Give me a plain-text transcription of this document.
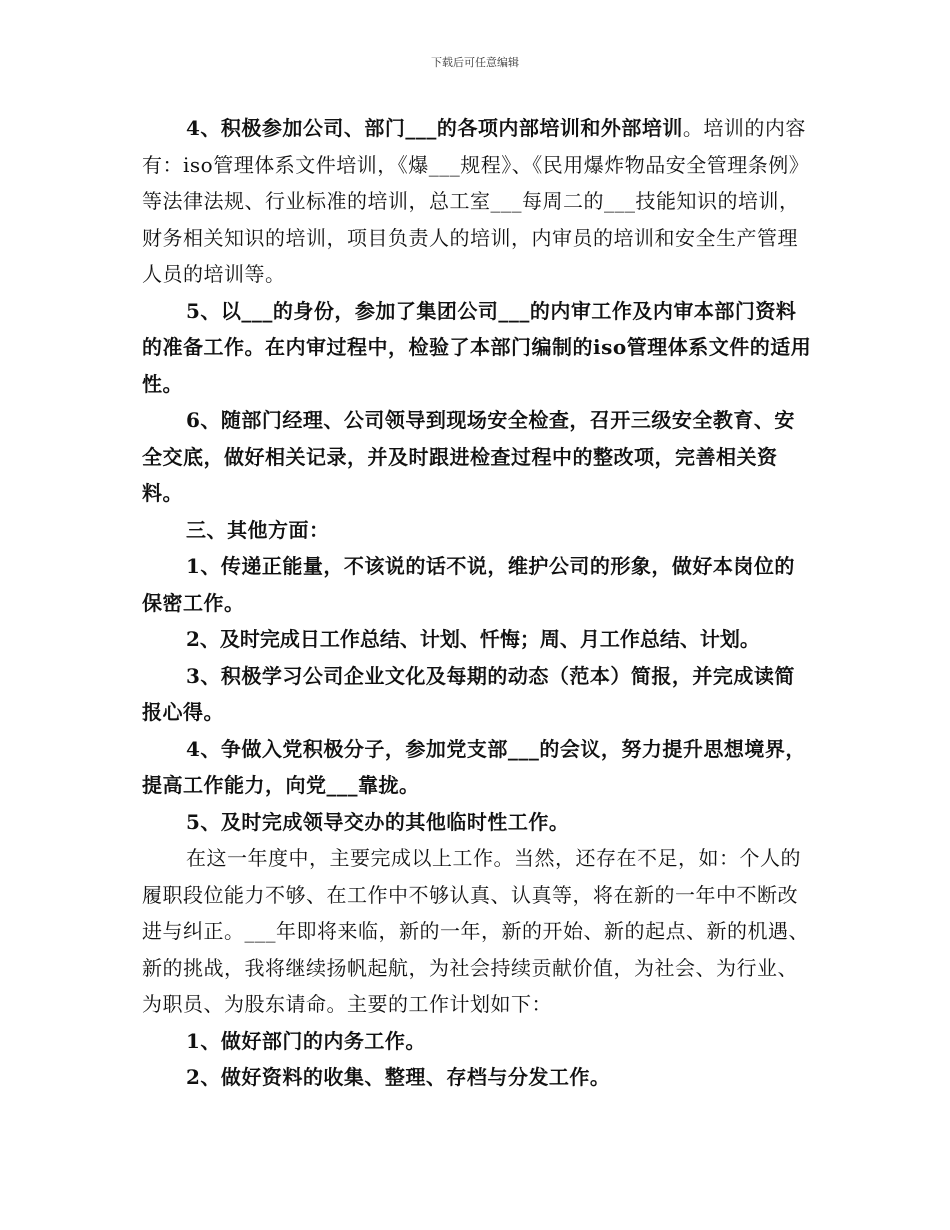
下载后可任意编辑

4、积极参加公司、部门___的各项内部培训和外部培训。培训的内容有：iso管理体系文件培训，《爆___规程》、《民用爆炸物品安全管理条例》等法律法规、行业标准的培训，总工室___每周二的___技能知识的培训，财务相关知识的培训，项目负责人的培训，内审员的培训和安全生产管理人员的培训等。

5、以___的身份，参加了集团公司___的内审工作及内审本部门资料的准备工作。在内审过程中，检验了本部门编制的iso管理体系文件的适用性。

6、随部门经理、公司领导到现场安全检查，召开三级安全教育、安全交底，做好相关记录，并及时跟进检查过程中的整改项，完善相关资料。

三、其他方面：

1、传递正能量，不该说的话不说，维护公司的形象，做好本岗位的保密工作。

2、及时完成日工作总结、计划、忏悔；周、月工作总结、计划。

3、积极学习公司企业文化及每期的动态（范本）简报，并完成读简报心得。

4、争做入党积极分子，参加党支部___的会议，努力提升思想境界，提高工作能力，向党___靠拢。

5、及时完成领导交办的其他临时性工作。

在这一年度中，主要完成以上工作。当然，还存在不足，如：个人的履职段位能力不够、在工作中不够认真、认真等，将在新的一年中不断改进与纠正。___年即将来临，新的一年，新的开始、新的起点、新的机遇、新的挑战，我将继续扬帆起航，为社会持续贡献价值，为社会、为行业、为职员、为股东请命。主要的工作计划如下：

1、做好部门的内务工作。

2、做好资料的收集、整理、存档与分发工作。
